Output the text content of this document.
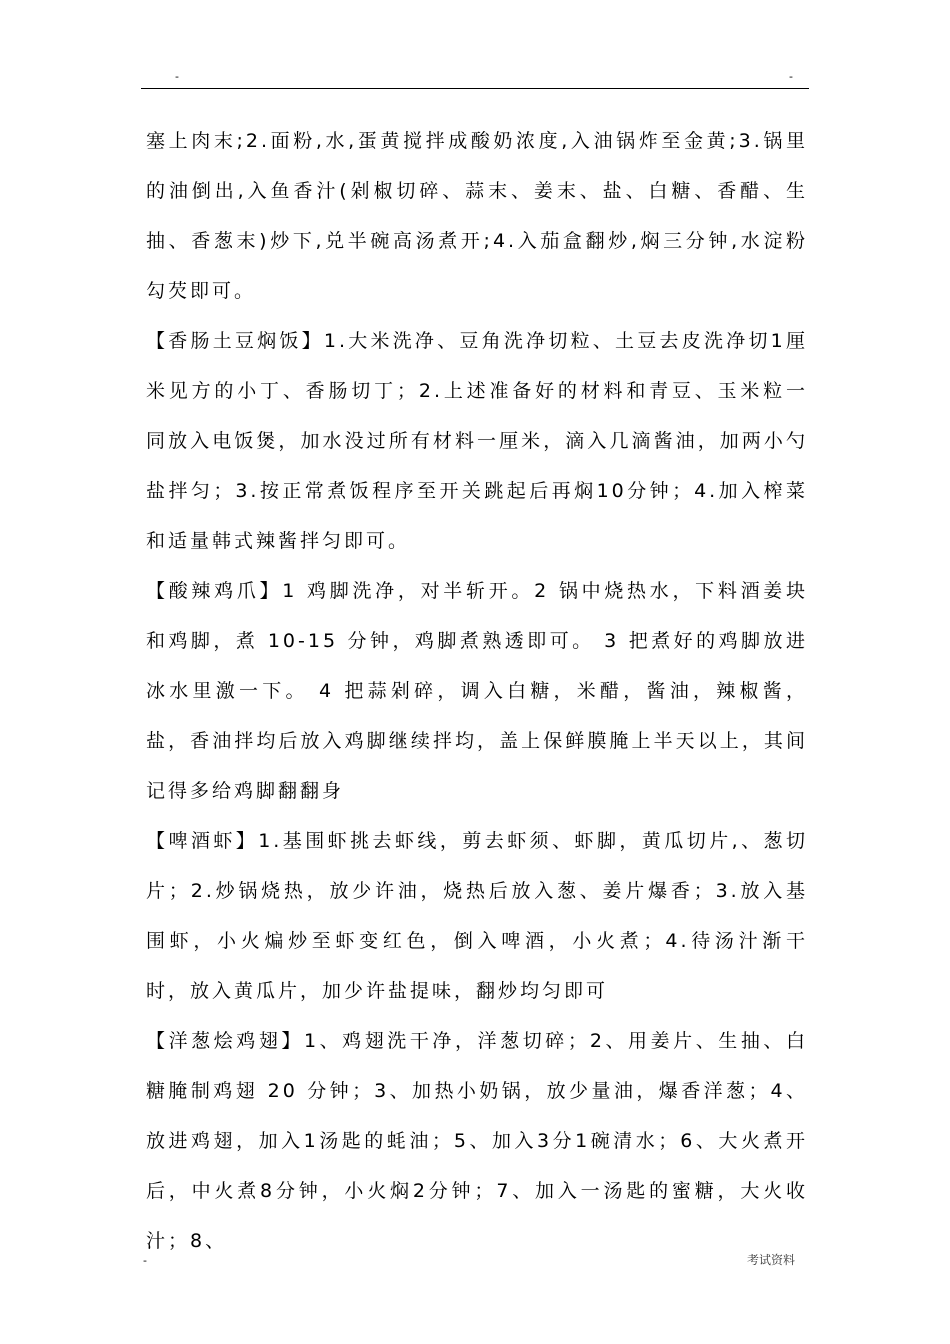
-	-

塞上肉末;2.面粉,水,蛋黄搅拌成酸奶浓度,入油锅炸至金黄;3.锅里的油倒出,入鱼香汁(剁椒切碎、蒜末、姜末、盐、白糖、香醋、生抽、香葱末)炒下,兑半碗高汤煮开;4.入茄盒翻炒,焖三分钟,水淀粉勾芡即可。

【香肠土豆焖饭】1.大米洗净、豆角洗净切粒、土豆去皮洗净切1厘米见方的小丁、香肠切丁；2.上述准备好的材料和青豆、玉米粒一同放入电饭煲，加水没过所有材料一厘米，滴入几滴酱油，加两小勺盐拌匀；3.按正常煮饭程序至开关跳起后再焖10分钟；4.加入榨菜和适量韩式辣酱拌匀即可。

【酸辣鸡爪】1 鸡脚洗净，对半斩开。2 锅中烧热水，下料酒姜块和鸡脚，煮 10-15 分钟，鸡脚煮熟透即可。 3 把煮好的鸡脚放进冰水里激一下。 4 把蒜剁碎，调入白糖，米醋，酱油，辣椒酱，盐，香油拌均后放入鸡脚继续拌均，盖上保鲜膜腌上半天以上，其间记得多给鸡脚翻翻身

【啤酒虾】1.基围虾挑去虾线，剪去虾须、虾脚，黄瓜切片,、葱切片；2.炒锅烧热，放少许油，烧热后放入葱、姜片爆香；3.放入基围虾，小火煸炒至虾变红色，倒入啤酒，小火煮；4.待汤汁渐干时，放入黄瓜片，加少许盐提味，翻炒均匀即可

【洋葱烩鸡翅】1、鸡翅洗干净，洋葱切碎；2、用姜片、生抽、白糖腌制鸡翅 20 分钟；3、加热小奶锅，放少量油，爆香洋葱；4、放进鸡翅，加入1汤匙的蚝油；5、加入3分1碗清水；6、大火煮开后，中火煮8分钟，小火焖2分钟；7、加入一汤匙的蜜糖，大火收汁；8、

-	考试资料
